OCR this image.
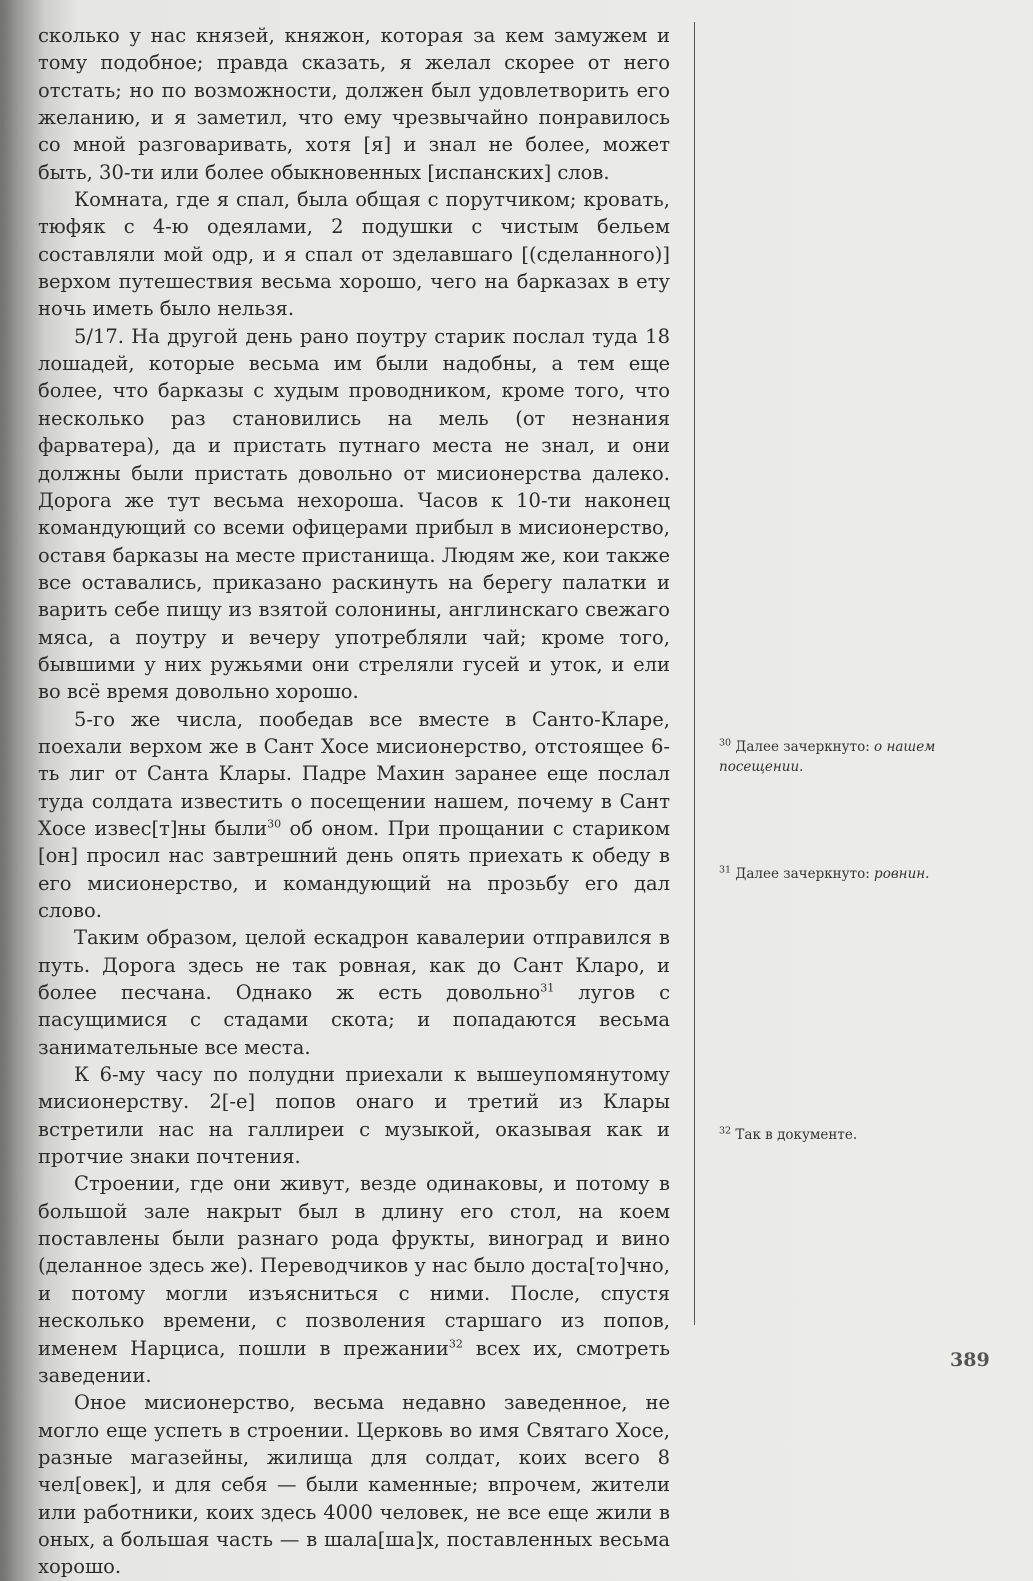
сколько у нас князей, княжон, которая за кем замужем и тому подобное; правда сказать, я желал скорее от него отстать; но по возможности, должен был удовлетворить его желанию, и я заметил, что ему чрезвычайно понравилось со мной разговаривать, хотя [я] и знал не более, может быть, 30-ти или более обыкновенных [испанских] слов.

Комната, где я спал, была общая с порутчиком; кровать, тюфяк с 4-ю одеялами, 2 подушки с чистым бельем составляли мой одр, и я спал от зделавшаго [(сделанного)] верхом путешествия весьма хорошо, чего на барказах в ету ночь иметь было нельзя.

5/17. На другой день рано поутру старик послал туда 18 лошадей, которые весьма им были надобны, а тем еще более, что барказы с худым проводником, кроме того, что несколько раз становились на мель (от незнания фарватера), да и пристать путнаго места не знал, и они должны были пристать довольно от мисионерства далеко. Дорога же тут весьма нехороша. Часов к 10-ти наконец командующий со всеми офицерами прибыл в мисионерство, оставя барказы на месте пристанища. Людям же, кои также все оставались, приказано раскинуть на берегу палатки и варить себе пищу из взятой солонины, англинскаго свежаго мяса, а поутру и вечеру употребляли чай; кроме того, бывшими у них ружьями они стреляли гусей и уток, и ели во всё время довольно хорошо.

5-го же числа, пообедав все вместе в Санто-Кларе, поехали верхом же в Сант Хосе мисионерство, отстоящее 6-ть лиг от Санта Клары. Падре Махин заранее еще послал туда солдата известить о посещении нашем, почему в Сант Хосе извес[т]ны были$^{30}$ об оном. При прощании с стариком [он] просил нас завтрешний день опять приехать к обеду в его мисионерство, и командующий на прозьбу его дал слово.

Таким образом, целой ескадрон кавалерии отправился в путь. Дорога здесь не так ровная, как до Сант Кларо, и более песчана. Однако ж есть довольно$^{31}$ лугов с пасущимися с стадами скота; и попадаются весьма занимательные все места.

К 6-му часу по полудни приехали к вышеупомянутому мисионерству. 2[-е] попов онаго и третий из Клары встретили нас на галлиреи с музыкой, оказывая как и протчие знаки почтения.

Строении, где они живут, везде одинаковы, и потому в большой зале накрыт был в длину его стол, на коем поставлены были разнаго рода фрукты, виноград и вино (деланное здесь же). Переводчиков у нас было доста[то]чно, и потому могли изъясниться с ними. После, спустя несколько времени, с позволения старшаго из попов, именем Нарциса, пошли в прежании$^{32}$ всех их, смотреть заведении.

Оное мисионерство, весьма недавно заведенное, не могло еще успеть в строении. Церковь во имя Святаго Хосе, разные магазейны, жилища для солдат, коих всего 8 чел[овек], и для себя — были каменные; впрочем, жители или работники, коих здесь 4000 человек, не все еще жили в оных, а большая часть — в шала[ша]х, поставленных весьма хорошо.

$^{30}$ Далее зачеркнуто: о нашем посещении.
$^{31}$ Далее зачеркнуто: ровнин.
$^{32}$ Так в документе.
389
